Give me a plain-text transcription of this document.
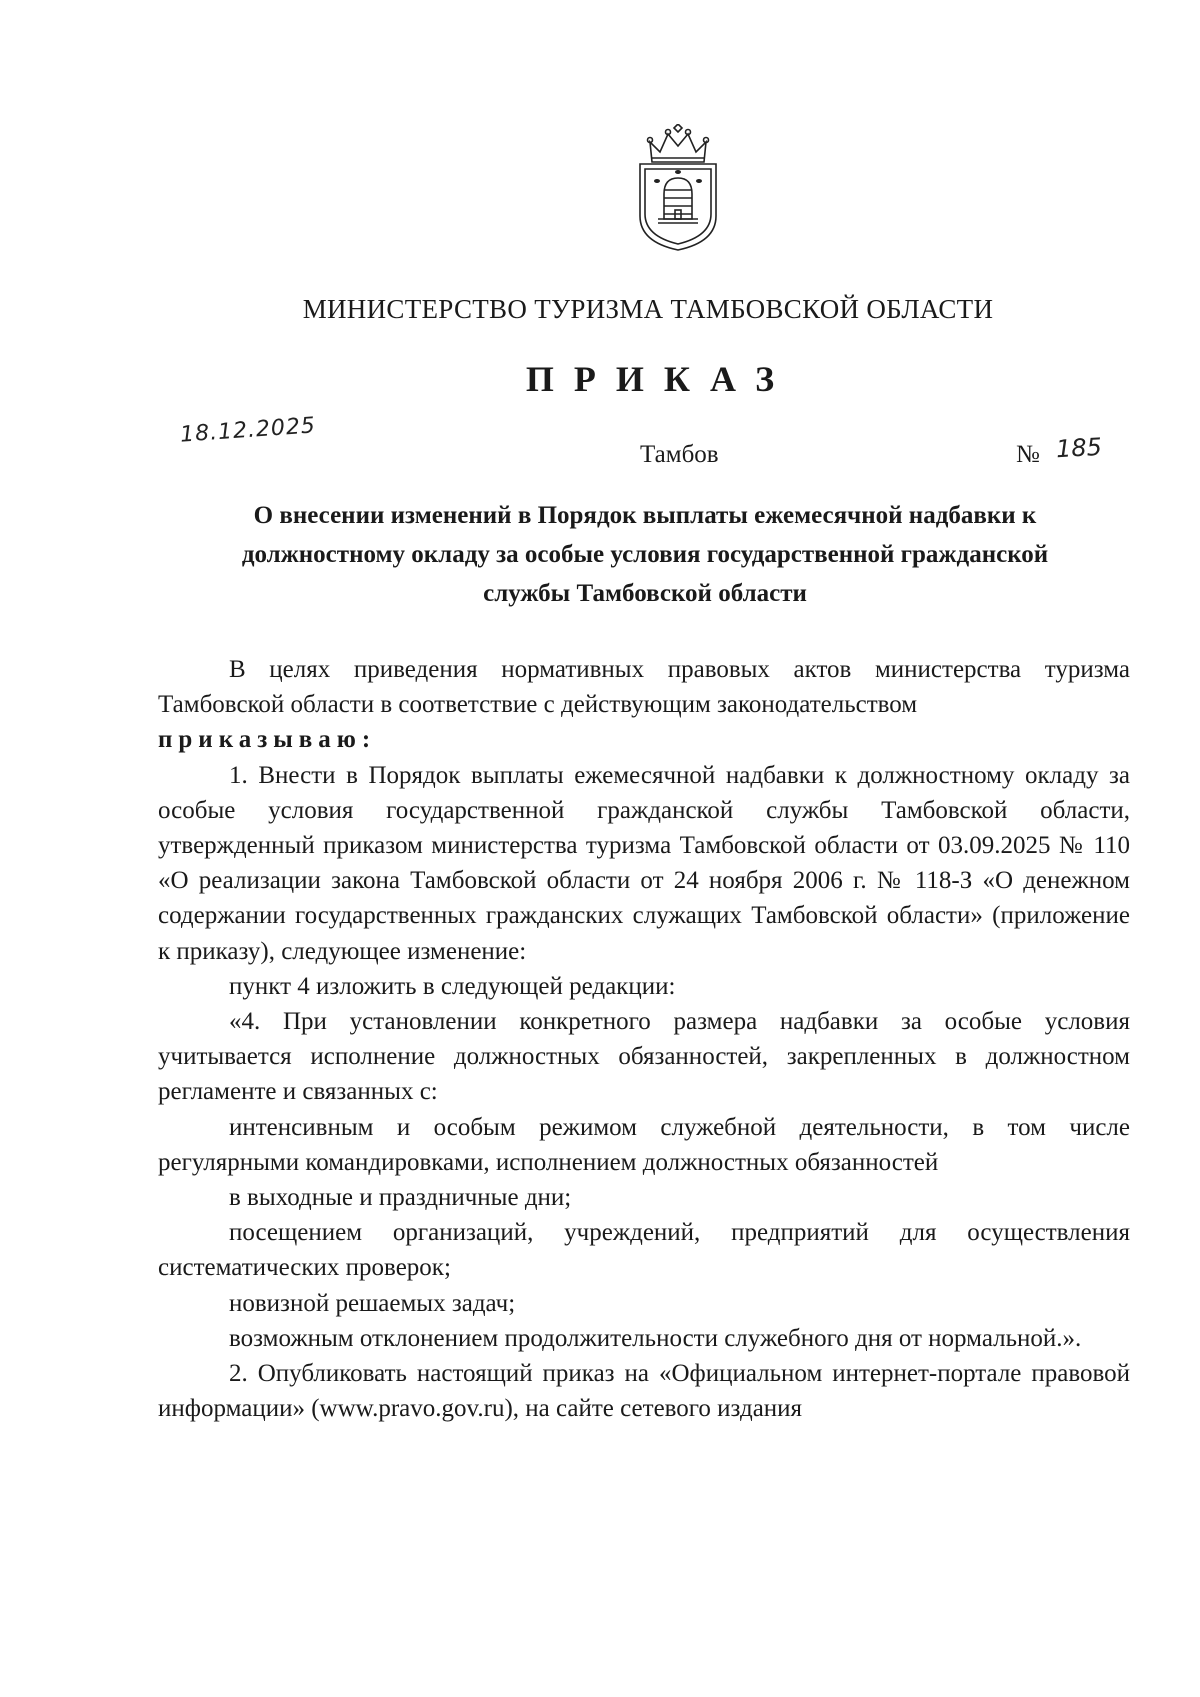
МИНИСТЕРСТВО ТУРИЗМА ТАМБОВСКОЙ ОБЛАСТИ
ПРИКАЗ
18.12.2025
Тамбов	№ 185
О внесении изменений в Порядок выплаты ежемесячной надбавки к
должностному окладу за особые условия государственной гражданской
службы Тамбовской области

В целях приведения нормативных правовых актов министерства туризма Тамбовской области в соответствие с действующим законодательством
приказываю:

1. Внести в Порядок выплаты ежемесячной надбавки к должностному окладу за особые условия государственной гражданской службы Тамбовской области, утвержденный приказом министерства туризма Тамбовской области от 03.09.2025 № 110 «О реализации закона Тамбовской области от 24 ноября 2006 г. № 118-З «О денежном содержании государственных гражданских служащих Тамбовской области» (приложение к приказу), следующее изменение:

пункт 4 изложить в следующей редакции:

«4. При установлении конкретного размера надбавки за особые условия учитывается исполнение должностных обязанностей, закрепленных в должностном регламенте и связанных с:

интенсивным и особым режимом служебной деятельности, в том числе регулярными командировками, исполнением должностных обязанностей

в выходные и праздничные дни;

посещением организаций, учреждений, предприятий для осуществления систематических проверок;

новизной решаемых задач;

возможным отклонением продолжительности служебного дня от нормальной.».

2. Опубликовать настоящий приказ на «Официальном интернет-портале правовой информации» (www.pravo.gov.ru), на сайте сетевого издания
